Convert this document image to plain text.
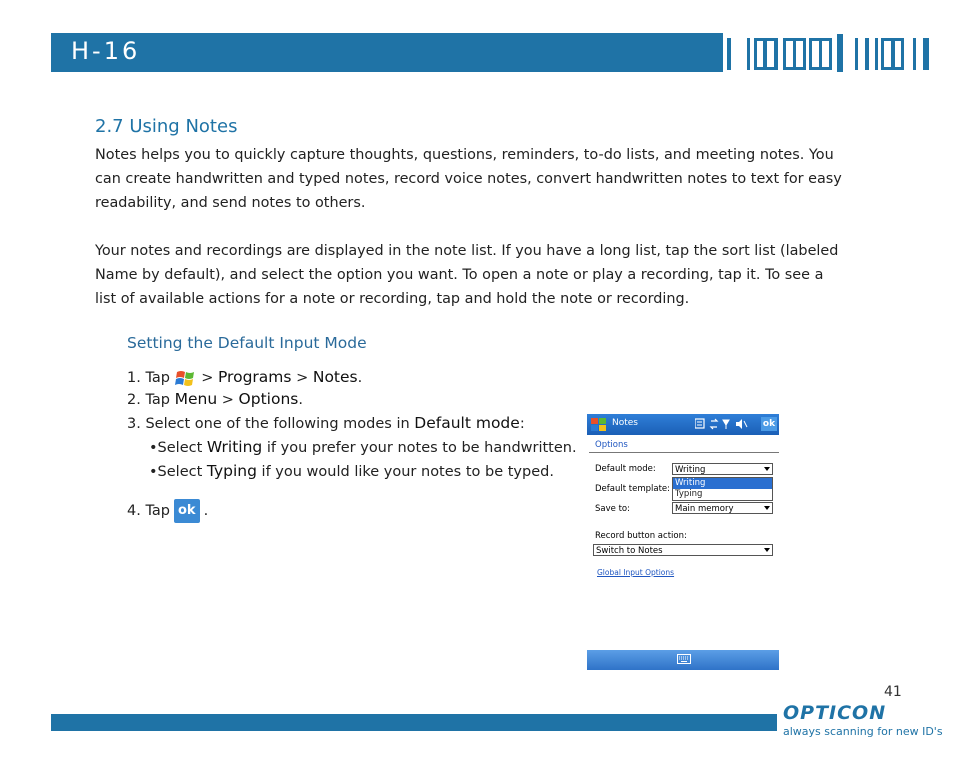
H-16
2.7 Using Notes

Notes helps you to quickly capture thoughts, questions, reminders, to-do lists, and meeting notes. You

can create handwritten and typed notes, record voice notes, convert handwritten notes to text for easy

readability, and send notes to others.

Your notes and recordings are displayed in the note list. If you have a long list, tap the sort list (labeled

Name by default), and select the option you want. To open a note or play a recording, tap it. To see a

list of available actions for a note or recording, tap and hold the note or recording.

Setting the Default Input Mode
1. Tap  > Programs > Notes.
2. Tap Menu > Options.
3. Select one of the following modes in Default mode:
•Select Writing if you prefer your notes to be handwritten.
•Select Typing if you would like your notes to be typed.
4. Tap ok .
Notes	ok
Options
Default mode:	Writing
Writing
Typing
Default template:
Save to:	Main memory
Record button action:
Switch to Notes
Global Input Options
41
OPTICON
always scanning for new ID's
